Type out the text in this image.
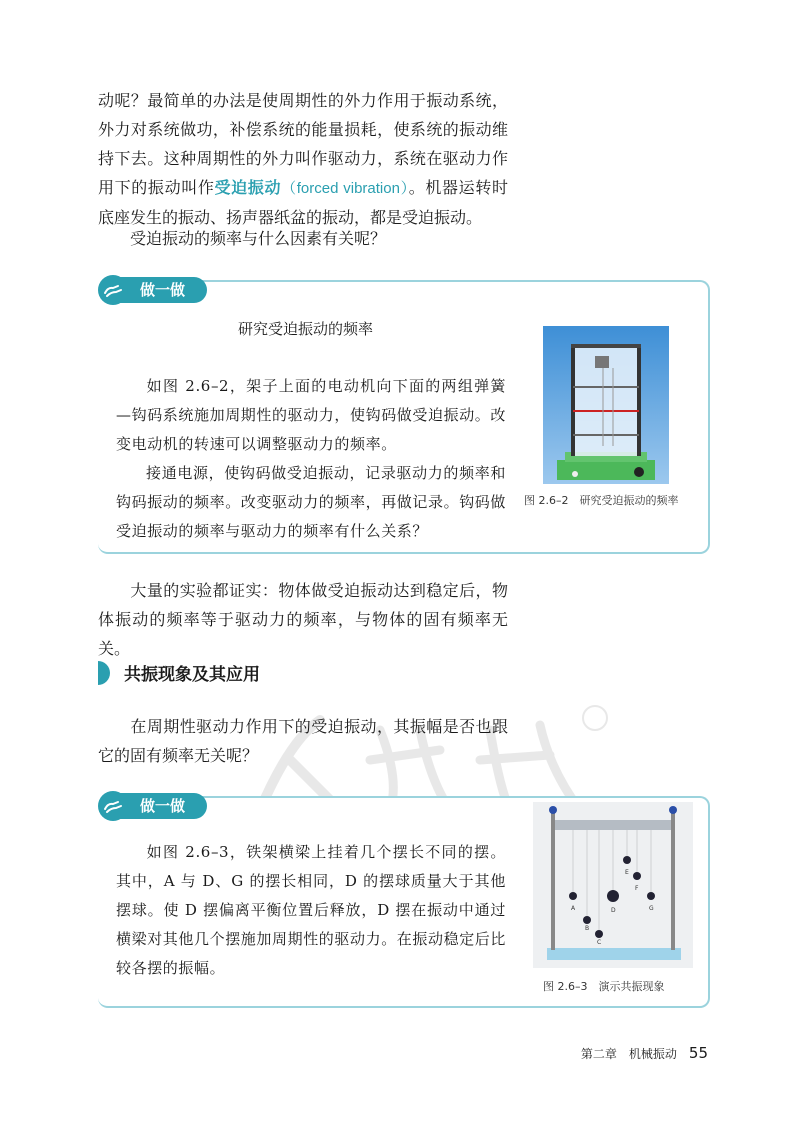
动呢？最简单的办法是使周期性的外力作用于振动系统，外力对系统做功，补偿系统的能量损耗，使系统的振动维持下去。这种周期性的外力叫作驱动力，系统在驱动力作用下的振动叫作受迫振动（forced vibration）。机器运转时底座发生的振动、扬声器纸盆的振动，都是受迫振动。

受迫振动的频率与什么因素有关呢？

做一做
研究受迫振动的频率

如图 2.6–2，架子上面的电动机向下面的两组弹簧—钩码系统施加周期性的驱动力，使钩码做受迫振动。改变电动机的转速可以调整驱动力的频率。

接通电源，使钩码做受迫振动，记录驱动力的频率和钩码振动的频率。改变驱动力的频率，再做记录。钩码做受迫振动的频率与驱动力的频率有什么关系？

图 2.6–2　研究受迫振动的频率

大量的实验都证实：物体做受迫振动达到稳定后，物体振动的频率等于驱动力的频率，与物体的固有频率无关。

共振现象及其应用

在周期性驱动力作用下的受迫振动，其振幅是否也跟它的固有频率无关呢？

做一做

如图 2.6–3，铁架横梁上挂着几个摆长不同的摆。其中，A 与 D、G 的摆长相同，D 的摆球质量大于其他摆球。使 D 摆偏离平衡位置后释放，D 摆在振动中通过横梁对其他几个摆施加周期性的驱动力。在振动稳定后比较各摆的振幅。

A
B
C
D
E
F
G
图 2.6–3　演示共振现象
第二章　机械振动 55
